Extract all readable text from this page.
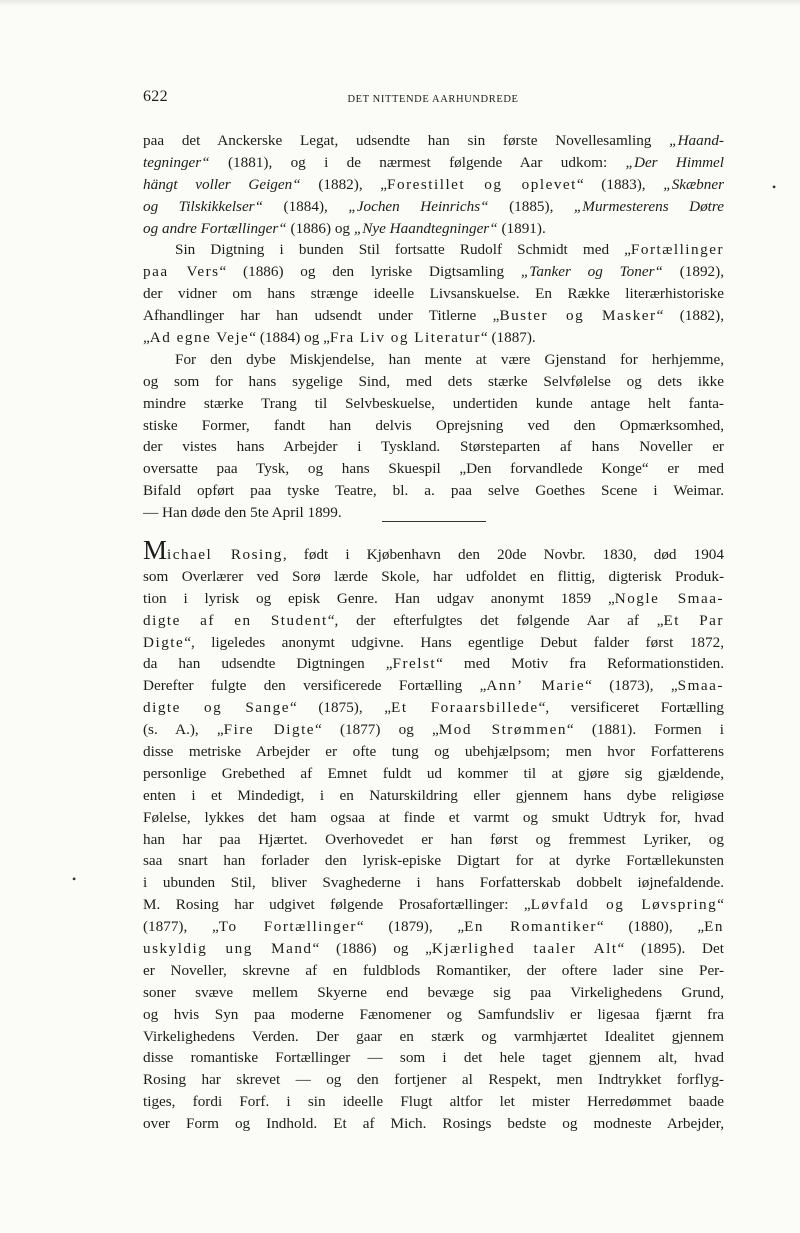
622	DET NITTENDE AARHUNDREDE
paa det Anckerske Legat, udsendte han sin første Novellesamling „Haand-
tegninger“ (1881), og i de nærmest følgende Aar udkom: „Der Himmel
hängt voller Geigen“ (1882), „Forestillet og oplevet“ (1883), „Skæbner
og Tilskikkelser“ (1884), „Jochen Heinrichs“ (1885), „Murmesterens Døtre
og andre Fortællinger“ (1886) og „Nye Haandtegninger“ (1891).
Sin Digtning i bunden Stil fortsatte Rudolf Schmidt med „Fortællinger
paa Vers“ (1886) og den lyriske Digtsamling „Tanker og Toner“ (1892),
der vidner om hans strænge ideelle Livsanskuelse. En Række literærhistoriske
Afhandlinger har han udsendt under Titlerne „Buster og Masker“ (1882),
„Ad egne Veje“ (1884) og „Fra Liv og Literatur“ (1887).
For den dybe Miskjendelse, han mente at være Gjenstand for herhjemme,
og som for hans sygelige Sind, med dets stærke Selvfølelse og dets ikke
mindre stærke Trang til Selvbeskuelse, undertiden kunde antage helt fanta-
stiske Former, fandt han delvis Oprejsning ved den Opmærksomhed,
der vistes hans Arbejder i Tyskland. Størsteparten af hans Noveller er
oversatte paa Tysk, og hans Skuespil „Den forvandlede Konge“ er med
Bifald opført paa tyske Teatre, bl. a. paa selve Goethes Scene i Weimar.
— Han døde den 5te April 1899.
Michael Rosing, født i Kjøbenhavn den 20de Novbr. 1830, død 1904
som Overlærer ved Sorø lærde Skole, har udfoldet en flittig, digterisk Produk-
tion i lyrisk og episk Genre. Han udgav anonymt 1859 „Nogle Smaa-
digte af en Student“, der efterfulgtes det følgende Aar af „Et Par
Digte“, ligeledes anonymt udgivne. Hans egentlige Debut falder først 1872,
da han udsendte Digtningen „Frelst“ med Motiv fra Reformationstiden.
Derefter fulgte den versificerede Fortælling „Ann’ Marie“ (1873), „Smaa-
digte og Sange“ (1875), „Et Foraarsbillede“, versificeret Fortælling
(s. A.), „Fire Digte“ (1877) og „Mod Strømmen“ (1881). Formen i
disse metriske Arbejder er ofte tung og ubehjælpsom; men hvor Forfatterens
personlige Grebethed af Emnet fuldt ud kommer til at gjøre sig gjældende,
enten i et Mindedigt, i en Naturskildring eller gjennem hans dybe religiøse
Følelse, lykkes det ham ogsaa at finde et varmt og smukt Udtryk for, hvad
han har paa Hjærtet. Overhovedet er han først og fremmest Lyriker, og
saa snart han forlader den lyrisk-episke Digtart for at dyrke Fortællekunsten
i ubunden Stil, bliver Svaghederne i hans Forfatterskab dobbelt iøjnefaldende.
M. Rosing har udgivet følgende Prosafortællinger: „Løvfald og Løvspring“
(1877), „To Fortællinger“ (1879), „En Romantiker“ (1880), „En
uskyldig ung Mand“ (1886) og „Kjærlighed taaler Alt“ (1895). Det
er Noveller, skrevne af en fuldblods Romantiker, der oftere lader sine Per-
soner svæve mellem Skyerne end bevæge sig paa Virkelighedens Grund,
og hvis Syn paa moderne Fænomener og Samfundsliv er ligesaa fjærnt fra
Virkelighedens Verden. Der gaar en stærk og varmhjærtet Idealitet gjennem
disse romantiske Fortællinger — som i det hele taget gjennem alt, hvad
Rosing har skrevet — og den fortjener al Respekt, men Indtrykket forflyg-
tiges, fordi Forf. i sin ideelle Flugt altfor let mister Herredømmet baade
over Form og Indhold. Et af Mich. Rosings bedste og modneste Arbejder,
•
•
